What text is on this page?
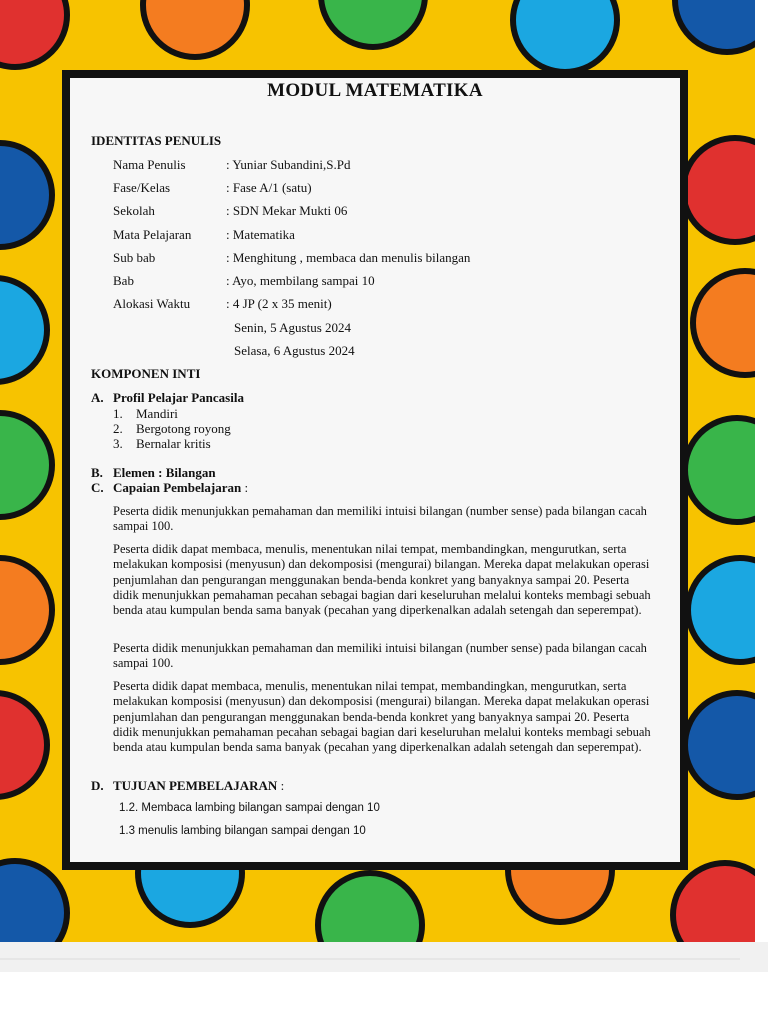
MODUL MATEMATIKA
IDENTITAS PENULIS
Nama Penulis	: Yuniar Subandini,S.Pd
Fase/Kelas	: Fase A/1 (satu)
Sekolah	: SDN Mekar Mukti 06
Mata Pelajaran	: Matematika
Sub bab	: Menghitung , membaca dan menulis bilangan
Bab	: Ayo, membilang sampai 10
Alokasi Waktu	: 4 JP (2 x 35 menit)
Senin, 5 Agustus 2024
Selasa, 6 Agustus 2024
KOMPONEN INTI
A. Profil Pelajar Pancasila
1. Mandiri
2. Bergotong royong
3. Bernalar kritis
B. Elemen : Bilangan
C. Capaian Pembelajaran :

Peserta didik menunjukkan pemahaman dan memiliki intuisi bilangan (number sense) pada bilangan cacah sampai 100.

Peserta didik dapat membaca, menulis, menentukan nilai tempat, membandingkan, mengurutkan, serta melakukan komposisi (menyusun) dan dekomposisi (mengurai) bilangan. Mereka dapat melakukan operasi penjumlahan dan pengurangan menggunakan benda-benda konkret yang banyaknya sampai 20. Peserta didik menunjukkan pemahaman pecahan sebagai bagian dari keseluruhan melalui konteks membagi sebuah benda atau kumpulan benda sama banyak (pecahan yang diperkenalkan adalah setengah dan seperempat).

Peserta didik menunjukkan pemahaman dan memiliki intuisi bilangan (number sense) pada bilangan cacah sampai 100.

Peserta didik dapat membaca, menulis, menentukan nilai tempat, membandingkan, mengurutkan, serta melakukan komposisi (menyusun) dan dekomposisi (mengurai) bilangan. Mereka dapat melakukan operasi penjumlahan dan pengurangan menggunakan benda-benda konkret yang banyaknya sampai 20. Peserta didik menunjukkan pemahaman pecahan sebagai bagian dari keseluruhan melalui konteks membagi sebuah benda atau kumpulan benda sama banyak (pecahan yang diperkenalkan adalah setengah dan seperempat).

D. TUJUAN PEMBELAJARAN :
1.2. Membaca lambing bilangan sampai dengan 10
1.3 menulis lambing bilangan sampai dengan 10
